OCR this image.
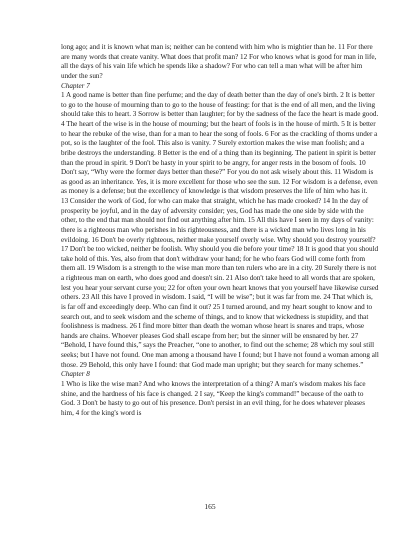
long ago; and it is known what man is; neither can he contend with him who is mightier than he. 11 For there are many words that create vanity. What does that profit man? 12 For who knows what is good for man in life, all the days of his vain life which he spends like a shadow? For who can tell a man what will be after him under the sun?

Chapter 7

1 A good name is better than fine perfume; and the day of death better than the day of one's birth. 2 It is better to go to the house of mourning than to go to the house of feasting: for that is the end of all men, and the living should take this to heart. 3 Sorrow is better than laughter; for by the sadness of the face the heart is made good. 4 The heart of the wise is in the house of mourning; but the heart of fools is in the house of mirth. 5 It is better to hear the rebuke of the wise, than for a man to hear the song of fools. 6 For as the crackling of thorns under a pot, so is the laughter of the fool. This also is vanity. 7 Surely extortion makes the wise man foolish; and a bribe destroys the understanding. 8 Better is the end of a thing than its beginning. The patient in spirit is better than the proud in spirit. 9 Don't be hasty in your spirit to be angry, for anger rests in the bosom of fools. 10 Don't say, “Why were the former days better than these?” For you do not ask wisely about this. 11 Wisdom is as good as an inheritance. Yes, it is more excellent for those who see the sun. 12 For wisdom is a defense, even as money is a defense; but the excellency of knowledge is that wisdom preserves the life of him who has it.

13 Consider the work of God, for who can make that straight, which he has made crooked? 14 In the day of prosperity be joyful, and in the day of adversity consider; yes, God has made the one side by side with the other, to the end that man should not find out anything after him. 15 All this have I seen in my days of vanity: there is a righteous man who perishes in his righteousness, and there is a wicked man who lives long in his evildoing. 16 Don't be overly righteous, neither make yourself overly wise. Why should you destroy yourself? 17 Don't be too wicked, neither be foolish. Why should you die before your time? 18 It is good that you should take hold of this. Yes, also from that don't withdraw your hand; for he who fears God will come forth from them all. 19 Wisdom is a strength to the wise man more than ten rulers who are in a city. 20 Surely there is not a righteous man on earth, who does good and doesn't sin. 21 Also don't take heed to all words that are spoken, lest you hear your servant curse you; 22 for often your own heart knows that you yourself have likewise cursed others. 23 All this have I proved in wisdom. I said, “I will be wise”; but it was far from me. 24 That which is, is far off and exceedingly deep. Who can find it out? 25 I turned around, and my heart sought to know and to search out, and to seek wisdom and the scheme of things, and to know that wickedness is stupidity, and that foolishness is madness. 26 I find more bitter than death the woman whose heart is snares and traps, whose hands are chains. Whoever pleases God shall escape from her; but the sinner will be ensnared by her. 27 “Behold, I have found this,” says the Preacher, “one to another, to find out the scheme; 28 which my soul still seeks; but I have not found. One man among a thousand have I found; but I have not found a woman among all those. 29 Behold, this only have I found: that God made man upright; but they search for many schemes.”

Chapter 8

1 Who is like the wise man? And who knows the interpretation of a thing? A man's wisdom makes his face shine, and the hardness of his face is changed. 2 I say, “Keep the king's command!” because of the oath to God. 3 Don't be hasty to go out of his presence. Don't persist in an evil thing, for he does whatever pleases him, 4 for the king's word is

165
